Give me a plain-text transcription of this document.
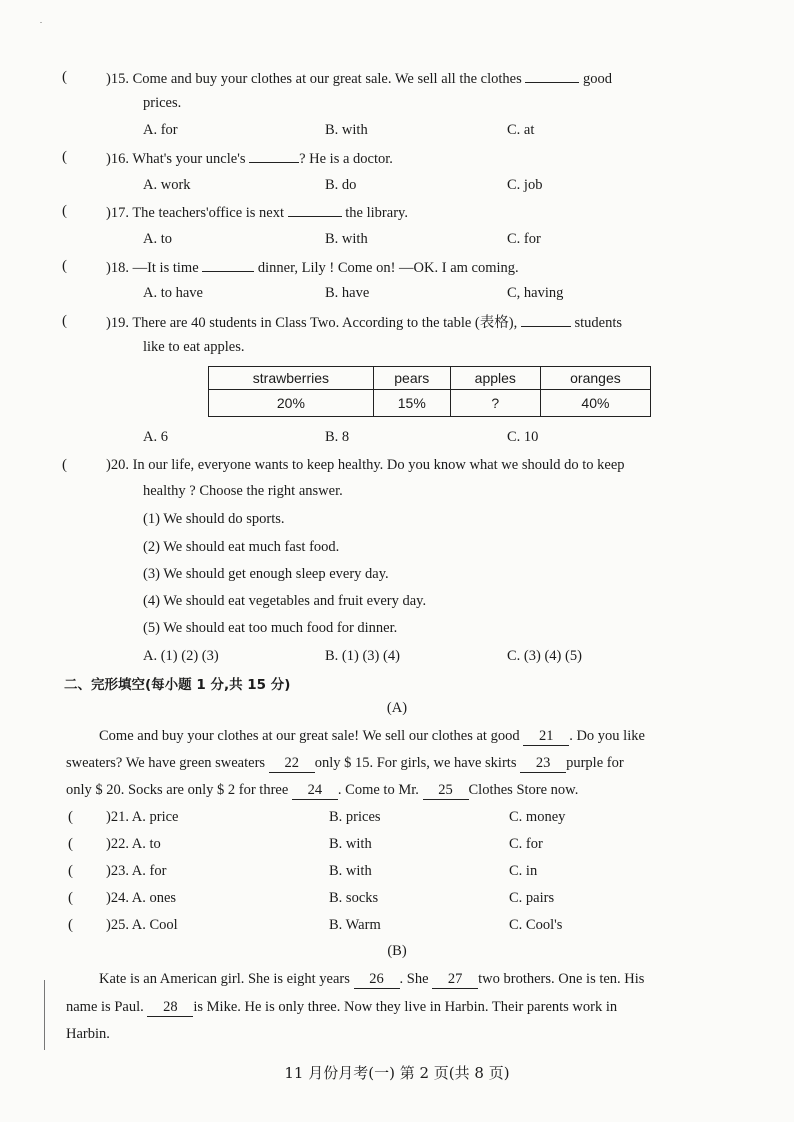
.
(	)15. Come and buy your clothes at our great sale. We sell all the clothes	good
prices.
A. for	B. with	C. at
(	)16. What's your uncle's	? He is a doctor.
A. work	B. do	C. job
(	)17. The teachers'office is next	the library.
A. to	B. with	C. for
(	)18. —It is time	dinner, Lily ! Come on! —OK. I am coming.
A. to have	B. have	C, having
(	)19. There are 40 students in Class Two. According to the table (表格),	students
like to eat apples.
strawberries	pears	apples	oranges
20%	15%	?	40%
A. 6	B. 8	C. 10
(	)20. In our life, everyone wants to keep healthy. Do you know what we should do to keep
healthy ? Choose the right answer.
(1) We should do sports.
(2) We should eat much fast food.
(3) We should get enough sleep every day.
(4) We should eat vegetables and fruit every day.
(5) We should eat too much food for dinner.
A. (1) (2) (3)	B. (1) (3) (4)	C. (3) (4) (5)
二、完形填空(每小题 1 分,共 15 分)
(A)
Come and buy your clothes at our great sale! We sell our clothes at good 21 . Do you like
sweaters? We have green sweaters 22 only $ 15. For girls, we have skirts 23 purple for
only $ 20. Socks are only $ 2 for three 24 . Come to Mr. 25 Clothes Store now.
( )21. A. price	B. prices	C. money
( )22. A. to	B. with	C. for
( )23. A. for	B. with	C. in
( )24. A. ones	B. socks	C. pairs
( )25. A. Cool	B. Warm	C. Cool's
(B)
Kate is an American girl. She is eight years 26 . She 27 two brothers. One is ten. His
name is Paul. 28 is Mike. He is only three. Now they live in Harbin. Their parents work in
Harbin.
11 月份月考(一) 第 2 页(共 8 页)
